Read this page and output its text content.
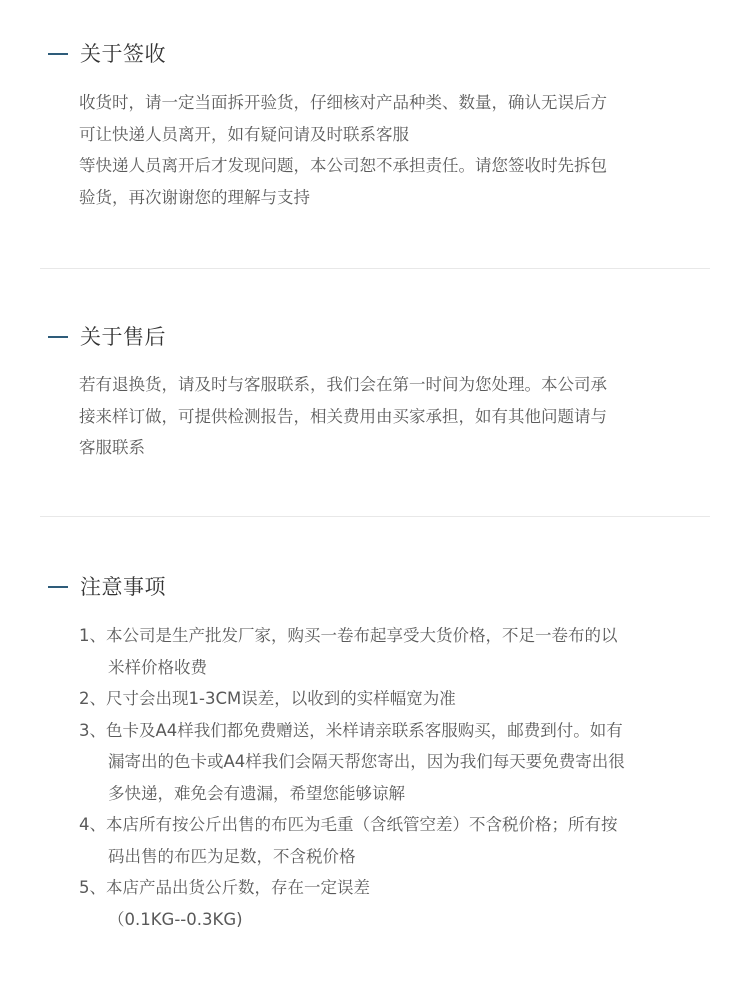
关于签收
收货时，请一定当面拆开验货，仔细核对产品种类、数量，确认无误后方
可让快递人员离开，如有疑问请及时联系客服
等快递人员离开后才发现问题，本公司恕不承担责任。请您签收时先拆包
验货，再次谢谢您的理解与支持
关于售后
若有退换货，请及时与客服联系，我们会在第一时间为您处理。本公司承
接来样订做，可提供检测报告，相关费用由买家承担，如有其他问题请与
客服联系
注意事项
1、本公司是生产批发厂家，购买一卷布起享受大货价格，不足一卷布的以
米样价格收费
2、尺寸会出现1-3CM误差，以收到的实样幅宽为准
3、色卡及A4样我们都免费赠送，米样请亲联系客服购买，邮费到付。如有
漏寄出的色卡或A4样我们会隔天帮您寄出，因为我们每天要免费寄出很
多快递，难免会有遗漏，希望您能够谅解
4、本店所有按公斤出售的布匹为毛重（含纸管空差）不含税价格；所有按
码出售的布匹为足数，不含税价格
5、本店产品出货公斤数，存在一定误差
（0.1KG--0.3KG)
